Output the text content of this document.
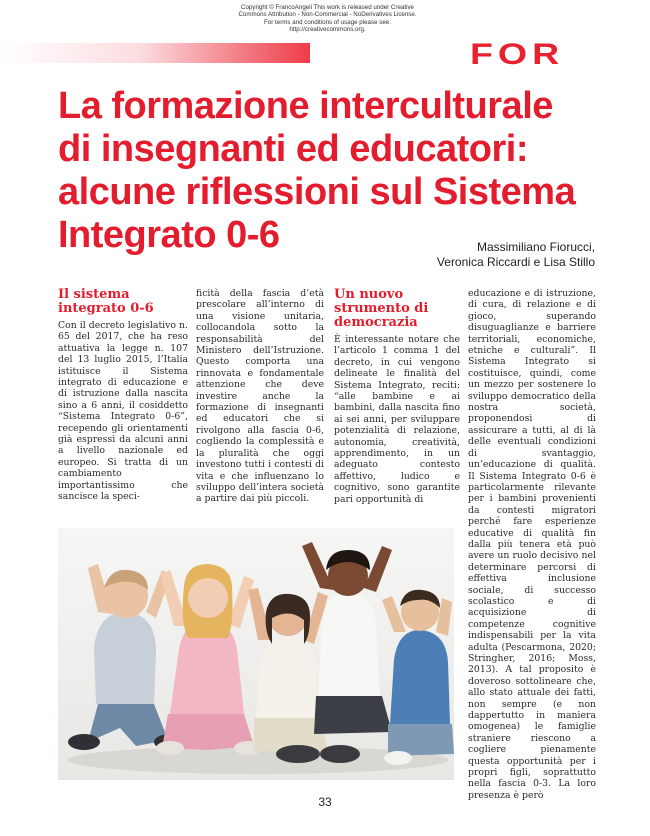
Copyright © FrancoAngeli This work is released under Creative
Commons Attribution - Non-Commercial - NoDerivatives License.
For terms and conditions of usage please see:
http://creativecommons.org.
FOR
La formazione interculturale
di insegnanti ed educatori:
alcune riflessioni sul Sistema
Integrato 0-6	Massimiliano Fiorucci,
Veronica Riccardi e Lisa Stillo
Il sistema integrato 0-6

Con il decreto legislativo n. 65 del 2017, che ha reso attuativa la legge n. 107 del 13 luglio 2015, l’Italia istituisce il Sistema integrato di educazione e di istruzione dalla nascita sino a 6 anni, il cosiddetto “Sistema Integrato 0-6”, recependo gli orientamenti già espressi da alcuni anni a livello nazionale ed europeo. Si tratta di un cambiamento importantissimo che sancisce la speci-

ficità della fascia d’età prescolare all’interno di una visione unitaria, collocandola sotto la responsabilità del Ministero dell’Istruzione. Questo comporta una rinnovata e fondamentale attenzione che deve investire anche la formazione di insegnanti ed educatori che si rivolgono alla fascia 0-6, cogliendo la complessità e la pluralità che oggi investono tutti i contesti di vita e che influenzano lo sviluppo dell’intera società a partire dai più piccoli.

Un nuovo strumento di democrazia

È interessante notare che l’articolo 1 comma 1 del decreto, in cui vengono delineate le finalità del Sistema Integrato, reciti: “alle bambine e ai bambini, dalla nascita fino ai sei anni, per sviluppare potenzialità di relazione, autonomia, creatività, apprendimento, in un adeguato contesto affettivo, ludico e cognitivo, sono garantite pari opportunità di

educazione e di istruzione, di cura, di relazione e di gioco, superando disuguaglianze e barriere territoriali, economiche, etniche e culturali”. Il Sistema Integrato si costituisce, quindi, come un mezzo per sostenere lo sviluppo democratico della nostra società, proponendosi di assicurare a tutti, al di là delle eventuali condizioni di svantaggio, un’educazione di qualità. Il Sistema Integrato 0-6 è particolarmente rilevante per i bambini provenienti da contesti migratori perché fare esperienze educative di qualità fin dalla più tenera età può avere un ruolo decisivo nel determinare percorsi di effettiva inclusione sociale, di successo scolastico e di acquisizione di competenze cognitive indispensabili per la vita adulta (Pescarmona, 2020; Stringher, 2016; Moss, 2013). A tal proposito è doveroso sottolineare che, allo stato attuale dei fatti, non sempre (e non dappertutto in maniera omogenea) le famiglie straniere riescono a cogliere pienamente questa opportunità per i propri figli, soprattutto nella fascia 0-3. La loro presenza è però

33
